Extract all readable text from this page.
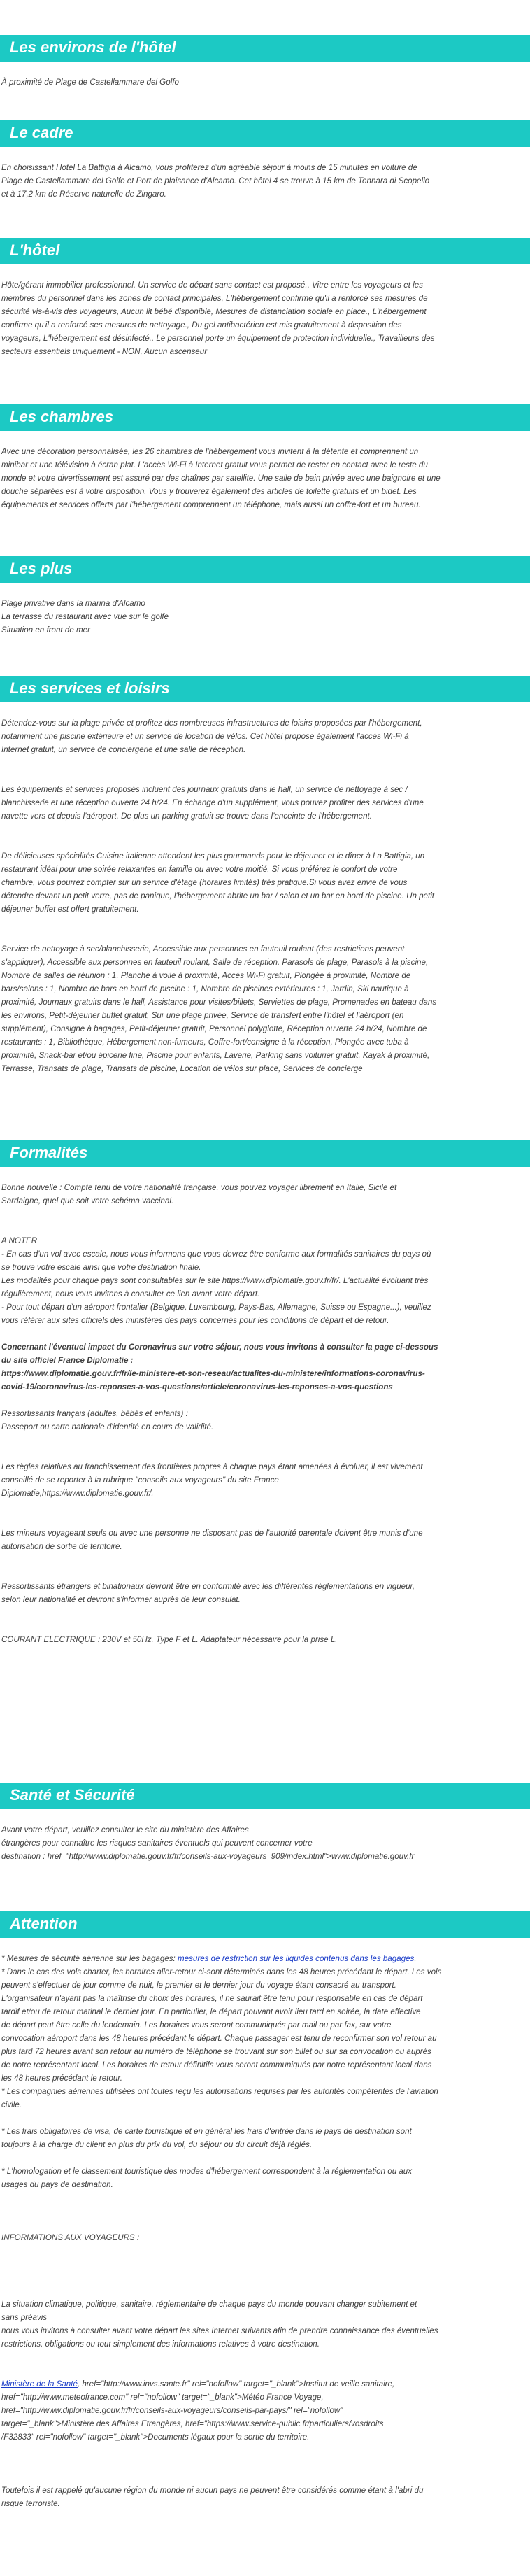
Les environs de l'hôtel

À proximité de Plage de Castellammare del Golfo

Le cadre

En choisissant Hotel La Battigia à Alcamo, vous profiterez d'un agréable séjour à moins de 15 minutes en voiture de

Plage de Castellammare del Golfo et Port de plaisance d'Alcamo. Cet hôtel 4 se trouve à 15 km de Tonnara di Scopello

et à 17,2 km de Réserve naturelle de Zingaro.

L'hôtel

Hôte/gérant immobilier professionnel, Un service de départ sans contact est proposé., Vitre entre les voyageurs et les

membres du personnel dans les zones de contact principales, L'hébergement confirme qu'il a renforcé ses mesures de

sécurité vis-à-vis des voyageurs, Aucun lit bébé disponible, Mesures de distanciation sociale en place., L'hébergement

confirme qu'il a renforcé ses mesures de nettoyage., Du gel antibactérien est mis gratuitement à disposition des

voyageurs, L'hébergement est désinfecté., Le personnel porte un équipement de protection individuelle., Travailleurs des

secteurs essentiels uniquement - NON, Aucun ascenseur

Les chambres

Avec une décoration personnalisée, les 26 chambres de l'hébergement vous invitent à la détente et comprennent un

minibar et une télévision à écran plat. L'accès Wi-Fi à Internet gratuit vous permet de rester en contact avec le reste du

monde et votre divertissement est assuré par des chaînes par satellite. Une salle de bain privée avec une baignoire et une

douche séparées est à votre disposition. Vous y trouverez également des articles de toilette gratuits et un bidet. Les

équipements et services offerts par l'hébergement comprennent un téléphone, mais aussi un coffre-fort et un bureau.

Les plus

Plage privative dans la marina d'Alcamo

La terrasse du restaurant avec vue sur le golfe

Situation en front de mer

Les services et loisirs

Détendez-vous sur la plage privée et profitez des nombreuses infrastructures de loisirs proposées par l'hébergement,

notamment une piscine extérieure et un service de location de vélos. Cet hôtel propose également l'accès Wi-Fi à

Internet gratuit, un service de conciergerie et une salle de réception.

Les équipements et services proposés incluent des journaux gratuits dans le hall, un service de nettoyage à sec /

blanchisserie et une réception ouverte 24 h/24. En échange d'un supplément, vous pouvez profiter des services d'une

navette vers et depuis l'aéroport. De plus un parking gratuit se trouve dans l'enceinte de l'hébergement.

De délicieuses spécialités Cuisine italienne attendent les plus gourmands pour le déjeuner et le dîner à La Battigia, un

restaurant idéal pour une soirée relaxantes en famille ou avec votre moitié. Si vous préférez le confort de votre

chambre, vous pourrez compter sur un service d'étage (horaires limités) très pratique.Si vous avez envie de vous

détendre devant un petit verre, pas de panique, l'hébergement abrite un bar / salon et un bar en bord de piscine. Un petit

déjeuner buffet est offert gratuitement.

Service de nettoyage à sec/blanchisserie, Accessible aux personnes en fauteuil roulant (des restrictions peuvent

s'appliquer), Accessible aux personnes en fauteuil roulant, Salle de réception, Parasols de plage, Parasols à la piscine,

Nombre de salles de réunion : 1, Planche à voile à proximité, Accès Wi-Fi gratuit, Plongée à proximité, Nombre de

bars/salons : 1, Nombre de bars en bord de piscine : 1, Nombre de piscines extérieures : 1, Jardin, Ski nautique à

proximité, Journaux gratuits dans le hall, Assistance pour visites/billets, Serviettes de plage, Promenades en bateau dans

les environs, Petit-déjeuner buffet gratuit, Sur une plage privée, Service de transfert entre l'hôtel et l'aéroport (en

supplément), Consigne à bagages, Petit-déjeuner gratuit, Personnel polyglotte, Réception ouverte 24 h/24, Nombre de

restaurants : 1, Bibliothèque, Hébergement non-fumeurs, Coffre-fort/consigne à la réception, Plongée avec tuba à

proximité, Snack-bar et/ou épicerie fine, Piscine pour enfants, Laverie, Parking sans voiturier gratuit, Kayak à proximité,

Terrasse, Transats de plage, Transats de piscine, Location de vélos sur place, Services de concierge

Formalités

Bonne nouvelle : Compte tenu de votre nationalité française, vous pouvez voyager librement en Italie, Sicile et

Sardaigne, quel que soit votre schéma vaccinal.

A NOTER

- En cas d'un vol avec escale, nous vous informons que vous devrez être conforme aux formalités sanitaires du pays où

se trouve votre escale ainsi que votre destination finale.

Les modalités pour chaque pays sont consultables sur le site https://www.diplomatie.gouv.fr/fr/. L'actualité évoluant très

régulièrement, nous vous invitons à consulter ce lien avant votre départ.

- Pour tout départ d'un aéroport frontalier (Belgique, Luxembourg, Pays-Bas, Allemagne, Suisse ou Espagne...), veuillez

vous référer aux sites officiels des ministères des pays concernés pour les conditions de départ et de retour.

Concernant l'éventuel impact du Coronavirus sur votre séjour, nous vous invitons à consulter la page ci-dessous

du site officiel France Diplomatie :

https://www.diplomatie.gouv.fr/fr/le-ministere-et-son-reseau/actualites-du-ministere/informations-coronavirus-

covid-19/coronavirus-les-reponses-a-vos-questions/article/coronavirus-les-reponses-a-vos-questions

Ressortissants français (adultes, bébés et enfants) :

Passeport ou carte nationale d'identité en cours de validité.

Les règles relatives au franchissement des frontières propres à chaque pays étant amenées à évoluer, il est vivement

conseillé de se reporter à la rubrique "conseils aux voyageurs" du site France

Diplomatie,https://www.diplomatie.gouv.fr/.

Les mineurs voyageant seuls ou avec une personne ne disposant pas de l'autorité parentale doivent être munis d'une

autorisation de sortie de territoire.

Ressortissants étrangers et binationaux devront être en conformité avec les différentes réglementations en vigueur,

selon leur nationalité et devront s'informer auprès de leur consulat.

COURANT ELECTRIQUE : 230V et 50Hz. Type F et L. Adaptateur nécessaire pour la prise L.

Santé et Sécurité

Avant votre départ, veuillez consulter le site du ministère des Affaires

étrangères pour connaître les risques sanitaires éventuels qui peuvent concerner votre

destination : href="http://www.diplomatie.gouv.fr/fr/conseils-aux-voyageurs_909/index.html">www.diplomatie.gouv.fr

Attention

* Mesures de sécurité aérienne sur les bagages: mesures de restriction sur les liquides contenus dans les bagages.

* Dans le cas des vols charter, les horaires aller-retour ci-sont déterminés dans les 48 heures précédant le départ. Les vols

peuvent s'effectuer de jour comme de nuit, le premier et le dernier jour du voyage étant consacré au transport.

L'organisateur n'ayant pas la maîtrise du choix des horaires, il ne saurait être tenu pour responsable en cas de départ

tardif et/ou de retour matinal le dernier jour. En particulier, le départ pouvant avoir lieu tard en soirée, la date effective

de départ peut être celle du lendemain. Les horaires vous seront communiqués par mail ou par fax, sur votre

convocation aéroport dans les 48 heures précédant le départ. Chaque passager est tenu de reconfirmer son vol retour au

plus tard 72 heures avant son retour au numéro de téléphone se trouvant sur son billet ou sur sa convocation ou auprès

de notre représentant local. Les horaires de retour définitifs vous seront communiqués par notre représentant local dans

les 48 heures précédant le retour.

* Les compagnies aériennes utilisées ont toutes reçu les autorisations requises par les autorités compétentes de l'aviation

civile.

* Les frais obligatoires de visa, de carte touristique et en général les frais d'entrée dans le pays de destination sont

toujours à la charge du client en plus du prix du vol, du séjour ou du circuit déjà réglés.

* L'homologation et le classement touristique des modes d'hébergement correspondent à la réglementation ou aux

usages du pays de destination.

INFORMATIONS AUX VOYAGEURS :

La situation climatique, politique, sanitaire, réglementaire de chaque pays du monde pouvant changer subitement et

sans préavis

nous vous invitons à consulter avant votre départ les sites Internet suivants afin de prendre connaissance des éventuelles

restrictions, obligations ou tout simplement des informations relatives à votre destination.

Ministère de la Santé, href="http://www.invs.sante.fr" rel="nofollow" target="_blank">Institut de veille sanitaire,

href="http://www.meteofrance.com" rel="nofollow" target="_blank">Météo France Voyage,

href="http://www.diplomatie.gouv.fr/fr/conseils-aux-voyageurs/conseils-par-pays/" rel="nofollow"

target="_blank">Ministère des Affaires Etrangères, href="https://www.service-public.fr/particuliers/vosdroits

/F32833" rel="nofollow" target="_blank">Documents légaux pour la sortie du territoire.

Toutefois il est rappelé qu'aucune région du monde ni aucun pays ne peuvent être considérés comme étant à l'abri du

risque terroriste.
